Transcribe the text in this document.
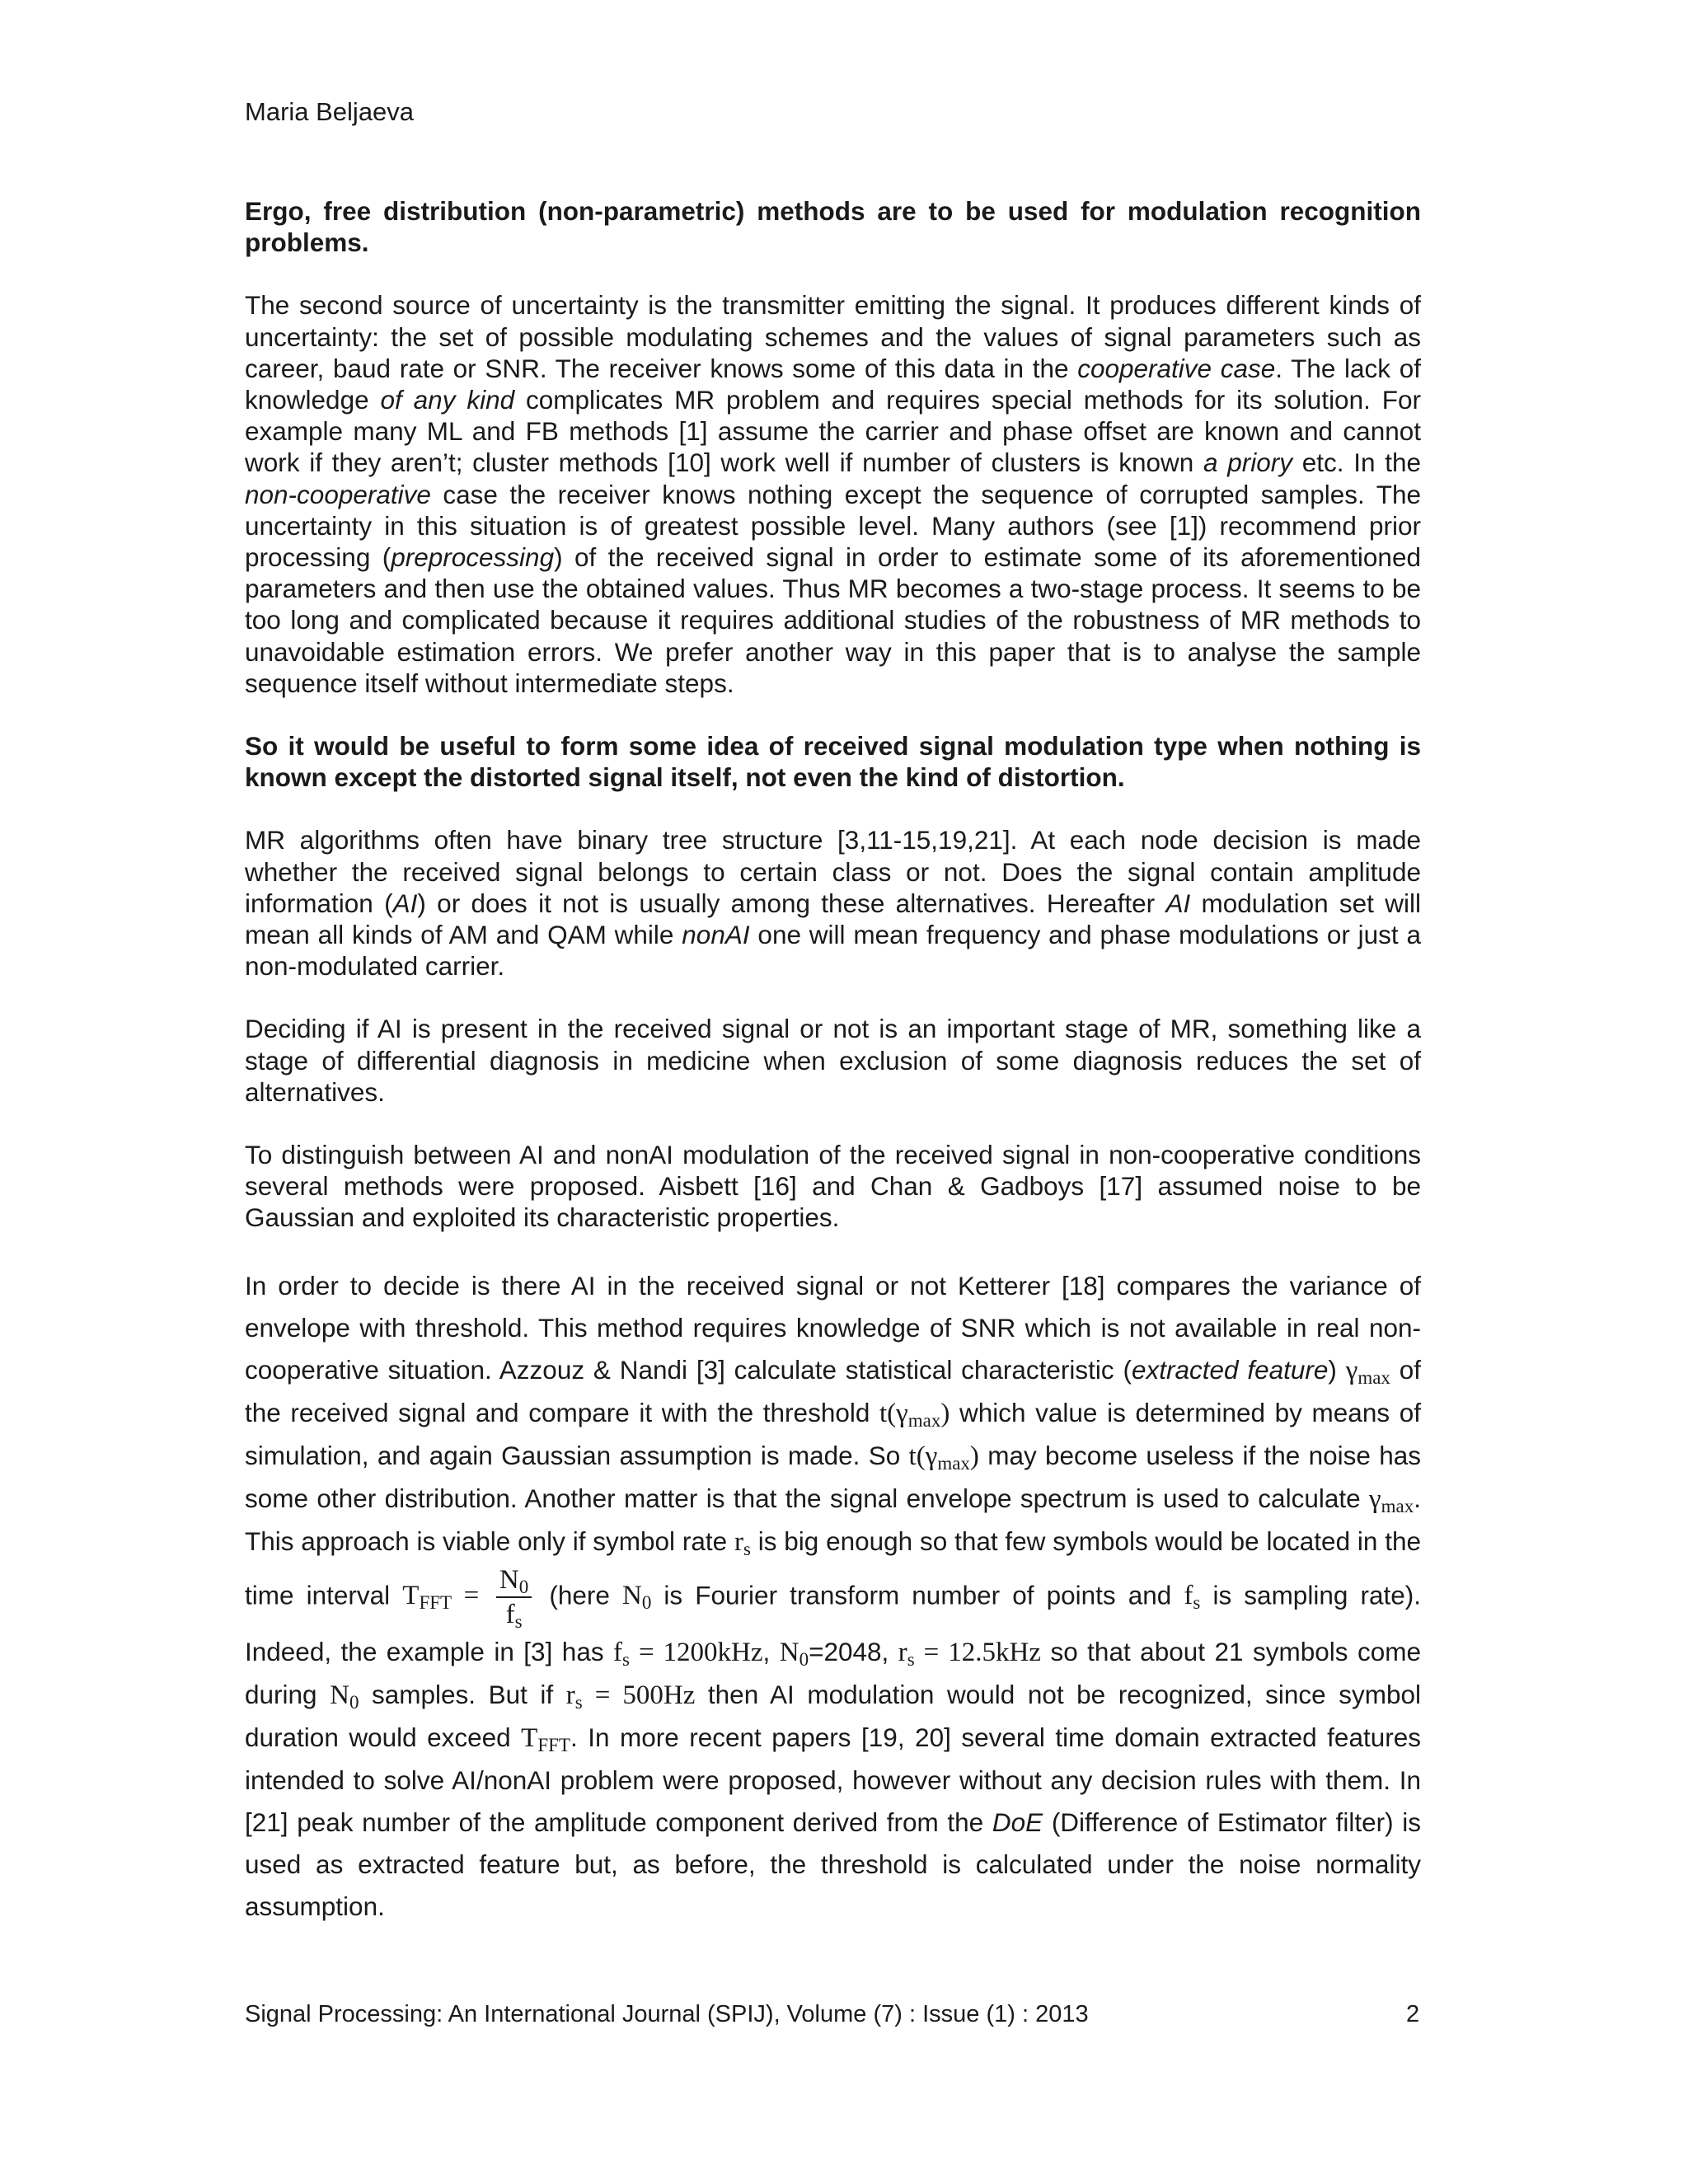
Maria Beljaeva

Ergo, free distribution (non-parametric) methods are to be used for modulation recognition problems.

The second source of uncertainty is the transmitter emitting the signal. It produces different kinds of uncertainty: the set of possible modulating schemes and the values of signal parameters such as career, baud rate or SNR. The receiver knows some of this data in the cooperative case. The lack of knowledge of any kind complicates MR problem and requires special methods for its solution. For example many ML and FB methods [1] assume the carrier and phase offset are known and cannot work if they aren’t; cluster methods [10] work well if number of clusters is known a priory etc. In the non-cooperative case the receiver knows nothing except the sequence of corrupted samples. The uncertainty in this situation is of greatest possible level. Many authors (see [1]) recommend prior processing (preprocessing) of the received signal in order to estimate some of its aforementioned parameters and then use the obtained values. Thus MR becomes a two-stage process. It seems to be too long and complicated because it requires additional studies of the robustness of MR methods to unavoidable estimation errors. We prefer another way in this paper that is to analyse the sample sequence itself without intermediate steps.

So it would be useful to form some idea of received signal modulation type when nothing is known except the distorted signal itself, not even the kind of distortion.

MR algorithms often have binary tree structure [3,11-15,19,21]. At each node decision is made whether the received signal belongs to certain class or not. Does the signal contain amplitude information (AI) or does it not is usually among these alternatives. Hereafter AI modulation set will mean all kinds of AM and QAM while nonAI one will mean frequency and phase modulations or just a non-modulated carrier.

Deciding if AI is present in the received signal or not is an important stage of MR, something like a stage of differential diagnosis in medicine when exclusion of some diagnosis reduces the set of alternatives.

To distinguish between AI and nonAI modulation of the received signal in non-cooperative conditions several methods were proposed. Aisbett [16] and Chan & Gadboys [17] assumed noise to be Gaussian and exploited its characteristic properties.

In order to decide is there AI in the received signal or not Ketterer [18] compares the variance of envelope with threshold. This method requires knowledge of SNR which is not available in real non-cooperative situation. Azzouz & Nandi [3] calculate statistical characteristic (extracted feature) $\gamma_{max}$ of the received signal and compare it with the threshold $t(\gamma_{max})$ which value is determined by means of simulation, and again Gaussian assumption is made. So $t(\gamma_{max})$ may become useless if the noise has some other distribution. Another matter is that the signal envelope spectrum is used to calculate $\gamma_{max}$. This approach is viable only if symbol rate $r_s$ is big enough so that few symbols would be located in the time interval $T_{FFT} = \frac{N_0}{f_s}$ (here $N_0$ is Fourier transform number of points and $f_s$ is sampling rate). Indeed, the example in [3] has $f_s = 1200kHz$, $N_0=2048$, $r_s = 12.5kHz$ so that about 21 symbols come during $N_0$ samples. But if $r_s = 500Hz$ then AI modulation would not be recognized, since symbol duration would exceed $T_{FFT}$. In more recent papers [19, 20] several time domain extracted features intended to solve AI/nonAI problem were proposed, however without any decision rules with them. In [21] peak number of the amplitude component derived from the DoE (Difference of Estimator filter) is used as extracted feature but, as before, the threshold is calculated under the noise normality assumption.

Signal Processing: An International Journal (SPIJ), Volume (7) : Issue (1) : 2013	2
